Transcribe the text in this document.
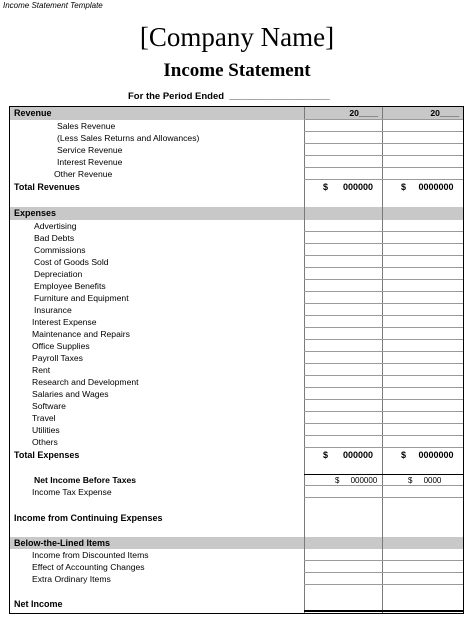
Income Statement Template
[Company Name]
Income Statement
For the Period Ended  ___________________
Revenue	20____	20____
Sales Revenue
(Less Sales Returns and Allowances)
Service Revenue
Interest Revenue
Other Revenue
Total Revenues	$      000000	$     0000000
Expenses
Advertising
Bad Debts
Commissions
Cost of Goods Sold
Depreciation
Employee Benefits
Furniture and Equipment
Insurance
Interest Expense
Maintenance and Repairs
Office Supplies
Payroll Taxes
Rent
Research and Development
Salaries and Wages
Software
Travel
Utilities
Others
Total Expenses	$      000000	$     0000000
Net Income Before Taxes	$     000000	$     0000
Income Tax Expense
Income from Continuing Expenses
Below-the-Lined Items
Income from Discounted Items
Effect of Accounting Changes
Extra Ordinary Items
Net Income
